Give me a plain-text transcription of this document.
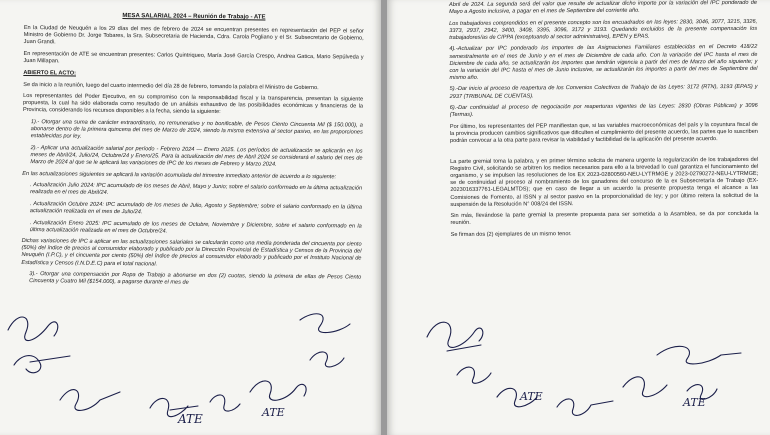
MESA SALARIAL 2024 – Reunión de Trabajo - ATE

En la Ciudad de Neuquén a los 29 días del mes de febrero de 2024 se encuentran presentes en representación del PEP el señor Ministro de Gobierno Dr. Jorge Tobares, la Sra. Subsecretaria de Hacienda, Cdra. Carola Pogliano y el Sr. Subsecretario de Gobierno, Juan Grandi.

En representación de ATE se encuentran presentes: Carlos Quintriqueo, María José García Crespo, Andrea Gatica, Mario Sepúlveda y Juan Millapan.

ABIERTO EL ACTO:

Se da inicio a la reunión, luego del cuarto intermedio del día 28 de febrero, tomando la palabra el Ministro de Gobierno.

Los representantes del Poder Ejecutivo, en su compromiso con la responsabilidad fiscal y la transparencia, presentan la siguiente propuesta, la cual ha sido elaborada como resultado de un análisis exhaustivo de las posibilidades económicas y financieras de la Provincia, considerando los recursos disponibles a la fecha, siendo la siguiente:

1).- Otorgar una suma de carácter extraordinario, no remunerativo y no bonificable, de Pesos Ciento Cincuenta Mil ($ 150.000), a abonarse dentro de la primera quincena del mes de Marzo de 2024, siendo la misma extensiva al sector pasivo, en las proporciones establecidas por ley.

2).- Aplicar una actualización salarial por período - Febrero 2024 — Enero 2025. Los períodos de actualización se aplicarán en los meses de Abril/24, Julio/24, Octubre/24 y Enero/25. Para la actualización del mes de Abril 2024 se considerará el salario del mes de Marzo de 2024 al que se le aplicará las variaciones de IPC de los meses de Febrero y Marzo 2024.

En las actualizaciones siguientes se aplicará la variación acumulada del trimestre inmediato anterior de acuerdo a lo siguiente:

. Actualización Julio 2024: IPC acumulado de los meses de Abril, Mayo y Junio; sobre el salario conformado en la última actualización realizada en el mes de Abril/24.

. Actualización Octubre 2024: IPC acumulado de los meses de Julio, Agosto y Septiembre; sobre el salario conformado en la última actualización realizada en el mes de Julio/24.

. Actualización Enero 2025: IPC acumulado de los meses de Octubre, Noviembre y Diciembre, sobre el salario conformado en la última actualización realizada en el mes de Octubre/24.

Dichas variaciones de IPC a aplicar en las actualizaciones salariales se calcularán como una media ponderada del cincuenta por ciento (50%) del índice de precios al consumidor elaborado y publicado por la Dirección Provincial de Estadística y Censos de la Provincia del Neuquén (I.P.C), y el cincuenta por ciento (50%) del índice de precios al consumidor elaborado y publicado por el Instituto Nacional de Estadística y Censos (I.N.D.E.C) para el total nacional.

3).- Otorgar una compensación por Ropa de Trabajo a abonarse en dos (2) cuotas, siendo la primera de ellas de Pesos Ciento Cincuenta y Cuatro Mil ($154.000), a pagarse durante el mes de

ATE	ATE

Abril de 2024. La segunda será del valor que resulte de actualizar dicho importe por la variación del IPC ponderado de Mayo a Agosto inclusive, a pagar en el mes de Septiembre del corriente año.

Los trabajadores comprendidos en el presente concepto son los encuadrados en las leyes: 2830, 3046, 3077, 3215, 3326, 3373, 2937, 2942, 3400, 3408, 3395, 3096, 3172 y 3193. Quedando excluidos de la presente compensación los trabajadores/as de CIPPA (exceptuando al sector administrativo), EPEN y EPAS.

4).-Actualizar por IPC ponderado los importes de las Asignaciones Familiares establecidas en el Decreto 418/22 semestralmente en el mes de Junio y en el mes de Diciembre de cada año. Con la variación del IPC hasta el mes de Diciembre de cada año, se actualizarán los importes que tendrán vigencia a partir del mes de Marzo del año siguiente; y con la variación del IPC hasta el mes de Junio inclusive, se actualizarán los importes a partir del mes de Septiembre del mismo año.

5).-Dar inicio al proceso de reapertura de los Convenios Colectivos de Trabajo de las Leyes: 3172 (RTN), 3193 (EPAS) y 2937 (TRIBUNAL DE CUENTAS).

6).-Dar continuidad al proceso de negociación por reaperturas vigentes de las Leyes: 2830 (Obras Públicas) y 3096 (Termas).

Por último, los representantes del PEP manifiestan que, si las variables macroeconómicas del país y la coyuntura fiscal de la provincia producen cambios significativos que dificulten el cumplimiento del presente acuerdo, las partes que lo suscriben podrán convocar a la otra parte para revisar la viabilidad y factibilidad de la aplicación del presente acuerdo.

La parte gremial toma la palabra, y en primer término solicita de manera urgente la regularización de los trabajadores del Registro Civil, solicitando se arbitren los medios necesarios para ello a la brevedad lo cual garantiza el funcionamiento del organismo, y se impulsen las resoluciones de los EX 2023-02800560-NEU-LYTRMGE y 2023-02790272-NEU-LYTRMGE; se de continuidad al proceso al nombramiento de los ganadores del concurso de la ex Subsecretaría de Trabajo (EX-2023016337761-LEGALMTDS); que en caso de llegar a un acuerdo la presente propuesta tenga el alcance a las Comisiones de Fomento, al ISSN y al sector pasivo en la proporcionalidad de ley; y por último reitera la solicitud de la suspensión de la Resolución N° 008/24 del ISSN.

Sin más, llevándose la parte gremial la presente propuesta para ser sometida a la Asamblea, se da por concluida la reunión.

Se firman dos (2) ejemplares de un mismo tenor.

ATE	ATE
